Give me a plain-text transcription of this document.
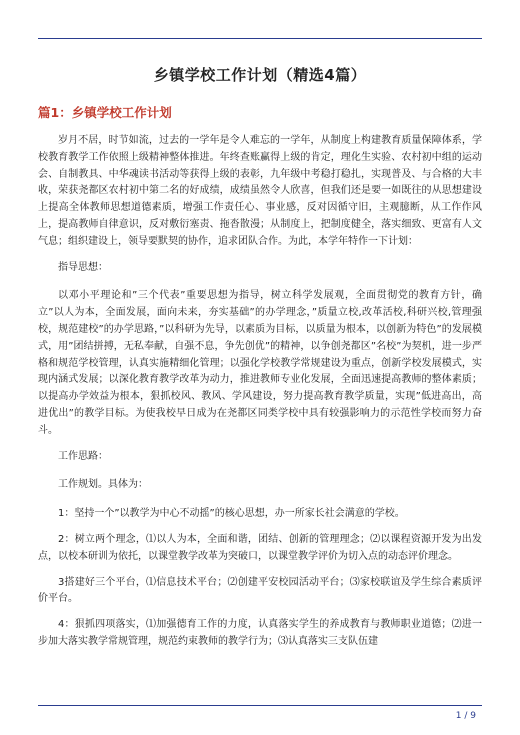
乡镇学校工作计划（精选4篇）
篇1：乡镇学校工作计划

岁月不居，时节如流，过去的一学年是令人难忘的一学年，从制度上构建教育质量保障体系，学校教育教学工作依照上级精神整体推进。年终查账赢得上级的肯定，理化生实验、农村初中组的运动会、自制教具、中华魂读书活动等获得上级的表彰，九年级中考稳打稳扎，实现普及、与合格的大丰收，荣获尧都区农村初中第二名的好成绩，成绩虽然令人欣喜，但我们还是要一如既往的从思想建设上提高全体教师思想道德素质，增强工作责任心、事业感，反对因循守旧，主观臆断，从工作作风上，提高教师自律意识，反对敷衍塞责、拖沓散漫；从制度上，把制度健全，落实细致、更富有人文气息；组织建设上，领导要默契的协作，追求团队合作。为此，本学年特作一下计划：

指导思想：

以邓小平理论和”三个代表”重要思想为指导，树立科学发展观，全面贯彻党的教育方针，确立”以人为本，全面发展，面向未来，夯实基础”的办学理念，”质量立校,改革活校,科研兴校,管理强校，规范建校”的办学思路，”以科研为先导，以素质为目标，以质量为根本，以创新为特色”的发展模式，用”团结拼搏，无私奉献，自强不息，争先创优”的精神，以争创尧都区”名校”为契机，进一步严格和规范学校管理，认真实施精细化管理；以强化学校教学常规建设为重点，创新学校发展模式，实现内涵式发展；以深化教育教学改革为动力，推进教师专业化发展，全面迅速提高教师的整体素质；以提高办学效益为根本，狠抓校风、教风、学风建设，努力提高教育教学质量，实现”低进高出，高进优出”的教学目标。为使我校早日成为在尧都区同类学校中具有较强影响力的示范性学校而努力奋斗。

工作思路：

工作规划。具体为：

1：坚持一个”以教学为中心不动摇”的核心思想，办一所家长社会满意的学校。

2：树立两个理念，⑴以人为本，全面和谐，团结、创新的管理理念；⑵以课程资源开发为出发点，以校本研训为依托，以课堂教学改革为突破口，以课堂教学评价为切入点的动态评价理念。

3搭建好三个平台，⑴信息技术平台；⑵创建平安校园活动平台；⑶家校联谊及学生综合素质评价平台。

4：狠抓四项落实，⑴加强德育工作的力度，认真落实学生的养成教育与教师职业道德；⑵进一步加大落实教学常规管理，规范约束教师的教学行为；⑶认真落实三支队伍建

1 / 9
